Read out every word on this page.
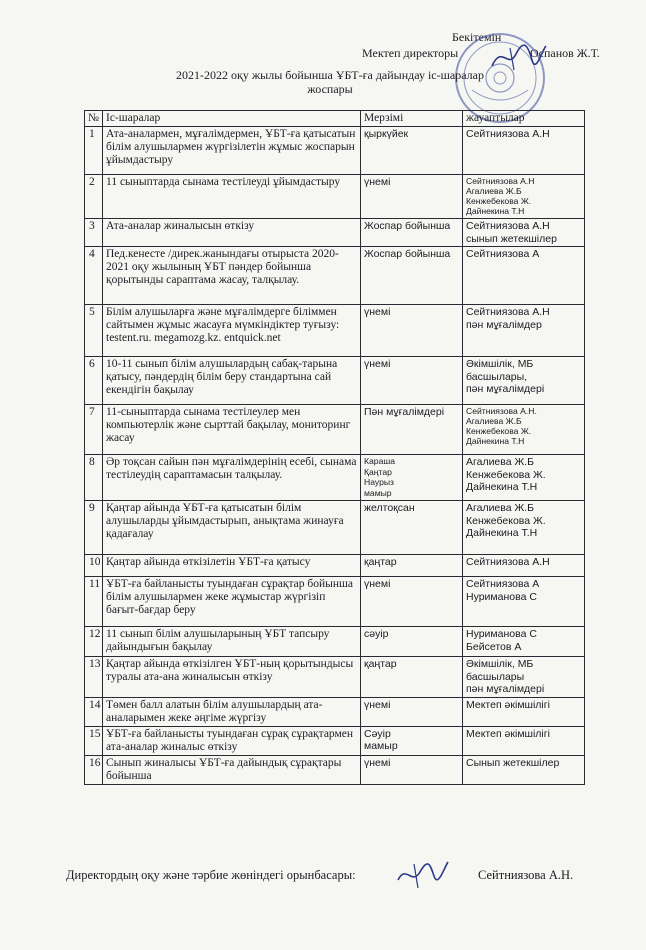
Бекітемін
Мектеп директоры	Оспанов Ж.Т.
2021-2022 оқу жылы бойынша ҰБТ-ға дайындау іс-шаралар
жоспары
№	Іс-шаралар	Мерзімі	жауаптылар
1	Ата-аналармен, мұғалімдермен, ҰБТ-ға қатысатын білім алушылармен жүргізілетін жұмыс жоспарын ұйымдастыру	қыркүйек	Сейтниязова А.Н
2	11 сыныптарда сынама тестілеуді ұйымдастыру	үнемі	Сейтниязова А.Н
Агалиева Ж.Б
Кенжебекова Ж.
Дайнекина Т.Н
3	Ата-аналар жиналысын өткізу	Жоспар бойынша	Сейтниязова А.Н
сынып жетекшілер
4	Пед.кенесте /дирек.жанындағы отырыста 2020-2021 оқу жылының ҰБТ пәндер бойынша қорытынды сараптама жасау, талқылау.	Жоспар бойынша	Сейтниязова А
5	Білім алушыларға және мұғалімдерге біліммен сайтымен жұмыс жасауға мүмкіндіктер туғызу: testent.ru. megamozg.kz. entquick.net	үнемі	Сейтниязова А.Н
пән мұғалімдер
6	10-11 сынып білім алушылардың сабақ-тарына қатысу, пәндердің білім беру стандартына сай екендігін бақылау	үнемі	Әкімшілік, МБ басшылары,
пән мұғалімдері
7	11-сыныптарда сынама тестілеулер мен компьютерлік және сырттай бақылау, мониторинг жасау	Пән мұғалімдері	Сейтниязова А.Н.
Агалиева Ж.Б
Кенжебекова Ж.
Дайнекина Т.Н
8	Әр тоқсан сайын пән мұғалімдерінің есебі, сынама тестілеудің сараптамасын талқылау.	Караша
Қаңтар
Наурыз
мамыр	Агалиева Ж.Б
Кенжебекова Ж.
Дайнекина Т.Н
9	Қаңтар айында ҰБТ-ға қатысатын білім алушыларды ұйымдастырып, анықтама жинауға қадағалау	желтоқсан	Агалиева Ж.Б
Кенжебекова Ж.
Дайнекина Т.Н
10	Қаңтар айында өткізілетін ҰБТ-ға қатысу	қаңтар	Сейтниязова А.Н
11	ҰБТ-ға байланысты туындаған сұрақтар бойынша білім алушылармен жеке жұмыстар жүргізіп бағыт-бағдар беру	үнемі	Сейтниязова А
Нуриманова С
12	11 сынып білім алушыларының ҰБТ тапсыру дайындығын бақылау	сәуір	Нуриманова С
Бейсетов А
13	Қаңтар айында өткізілген ҰБТ-ның қорытындысы туралы ата-ана жиналысын өткізу	қаңтар	Әкімшілік, МБ басшылары
пән мұғалімдері
14	Төмен балл алатын білім алушылардың ата-аналарымен жеке әңгіме жүргізу	үнемі	Мектеп әкімшілігі
15	ҰБТ-ға байланысты туындаған сұрақ сұрақтармен ата-аналар жиналыс өткізу	Сәуір
мамыр	Мектеп әкімшілігі
16	Сынып жиналысы ҰБТ-ға дайындық сұрақтары бойынша	үнемі	Сынып жетекшілер
Директордың оқу және тәрбие жөніндегі орынбасары:	Сейтниязова А.Н.
